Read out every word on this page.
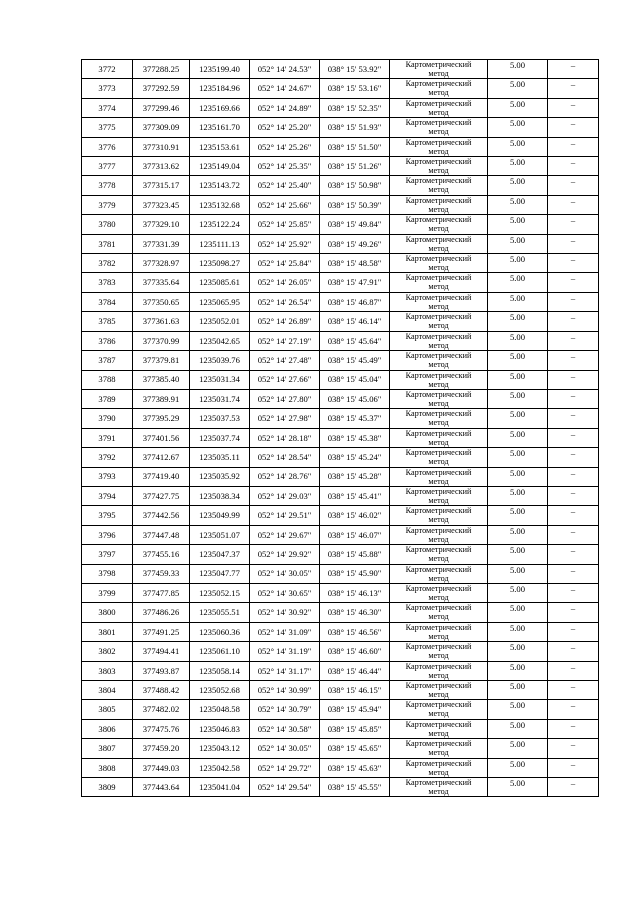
3772	377288.25	1235199.40	052° 14' 24.53"	038° 15' 53.92"	Картометрический
метод	5.00	–
3773	377292.59	1235184.96	052° 14' 24.67"	038° 15' 53.16"	Картометрический
метод	5.00	–
3774	377299.46	1235169.66	052° 14' 24.89"	038° 15' 52.35"	Картометрический
метод	5.00	–
3775	377309.09	1235161.70	052° 14' 25.20"	038° 15' 51.93"	Картометрический
метод	5.00	–
3776	377310.91	1235153.61	052° 14' 25.26"	038° 15' 51.50"	Картометрический
метод	5.00	–
3777	377313.62	1235149.04	052° 14' 25.35"	038° 15' 51.26"	Картометрический
метод	5.00	–
3778	377315.17	1235143.72	052° 14' 25.40"	038° 15' 50.98"	Картометрический
метод	5.00	–
3779	377323.45	1235132.68	052° 14' 25.66"	038° 15' 50.39"	Картометрический
метод	5.00	–
3780	377329.10	1235122.24	052° 14' 25.85"	038° 15' 49.84"	Картометрический
метод	5.00	–
3781	377331.39	1235111.13	052° 14' 25.92"	038° 15' 49.26"	Картометрический
метод	5.00	–
3782	377328.97	1235098.27	052° 14' 25.84"	038° 15' 48.58"	Картометрический
метод	5.00	–
3783	377335.64	1235085.61	052° 14' 26.05"	038° 15' 47.91"	Картометрический
метод	5.00	–
3784	377350.65	1235065.95	052° 14' 26.54"	038° 15' 46.87"	Картометрический
метод	5.00	–
3785	377361.63	1235052.01	052° 14' 26.89"	038° 15' 46.14"	Картометрический
метод	5.00	–
3786	377370.99	1235042.65	052° 14' 27.19"	038° 15' 45.64"	Картометрический
метод	5.00	–
3787	377379.81	1235039.76	052° 14' 27.48"	038° 15' 45.49"	Картометрический
метод	5.00	–
3788	377385.40	1235031.34	052° 14' 27.66"	038° 15' 45.04"	Картометрический
метод	5.00	–
3789	377389.91	1235031.74	052° 14' 27.80"	038° 15' 45.06"	Картометрический
метод	5.00	–
3790	377395.29	1235037.53	052° 14' 27.98"	038° 15' 45.37"	Картометрический
метод	5.00	–
3791	377401.56	1235037.74	052° 14' 28.18"	038° 15' 45.38"	Картометрический
метод	5.00	–
3792	377412.67	1235035.11	052° 14' 28.54"	038° 15' 45.24"	Картометрический
метод	5.00	–
3793	377419.40	1235035.92	052° 14' 28.76"	038° 15' 45.28"	Картометрический
метод	5.00	–
3794	377427.75	1235038.34	052° 14' 29.03"	038° 15' 45.41"	Картометрический
метод	5.00	–
3795	377442.56	1235049.99	052° 14' 29.51"	038° 15' 46.02"	Картометрический
метод	5.00	–
3796	377447.48	1235051.07	052° 14' 29.67"	038° 15' 46.07"	Картометрический
метод	5.00	–
3797	377455.16	1235047.37	052° 14' 29.92"	038° 15' 45.88"	Картометрический
метод	5.00	–
3798	377459.33	1235047.77	052° 14' 30.05"	038° 15' 45.90"	Картометрический
метод	5.00	–
3799	377477.85	1235052.15	052° 14' 30.65"	038° 15' 46.13"	Картометрический
метод	5.00	–
3800	377486.26	1235055.51	052° 14' 30.92"	038° 15' 46.30"	Картометрический
метод	5.00	–
3801	377491.25	1235060.36	052° 14' 31.09"	038° 15' 46.56"	Картометрический
метод	5.00	–
3802	377494.41	1235061.10	052° 14' 31.19"	038° 15' 46.60"	Картометрический
метод	5.00	–
3803	377493.87	1235058.14	052° 14' 31.17"	038° 15' 46.44"	Картометрический
метод	5.00	–
3804	377488.42	1235052.68	052° 14' 30.99"	038° 15' 46.15"	Картометрический
метод	5.00	–
3805	377482.02	1235048.58	052° 14' 30.79"	038° 15' 45.94"	Картометрический
метод	5.00	–
3806	377475.76	1235046.83	052° 14' 30.58"	038° 15' 45.85"	Картометрический
метод	5.00	–
3807	377459.20	1235043.12	052° 14' 30.05"	038° 15' 45.65"	Картометрический
метод	5.00	–
3808	377449.03	1235042.58	052° 14' 29.72"	038° 15' 45.63"	Картометрический
метод	5.00	–
3809	377443.64	1235041.04	052° 14' 29.54"	038° 15' 45.55"	Картометрический
метод	5.00	–
